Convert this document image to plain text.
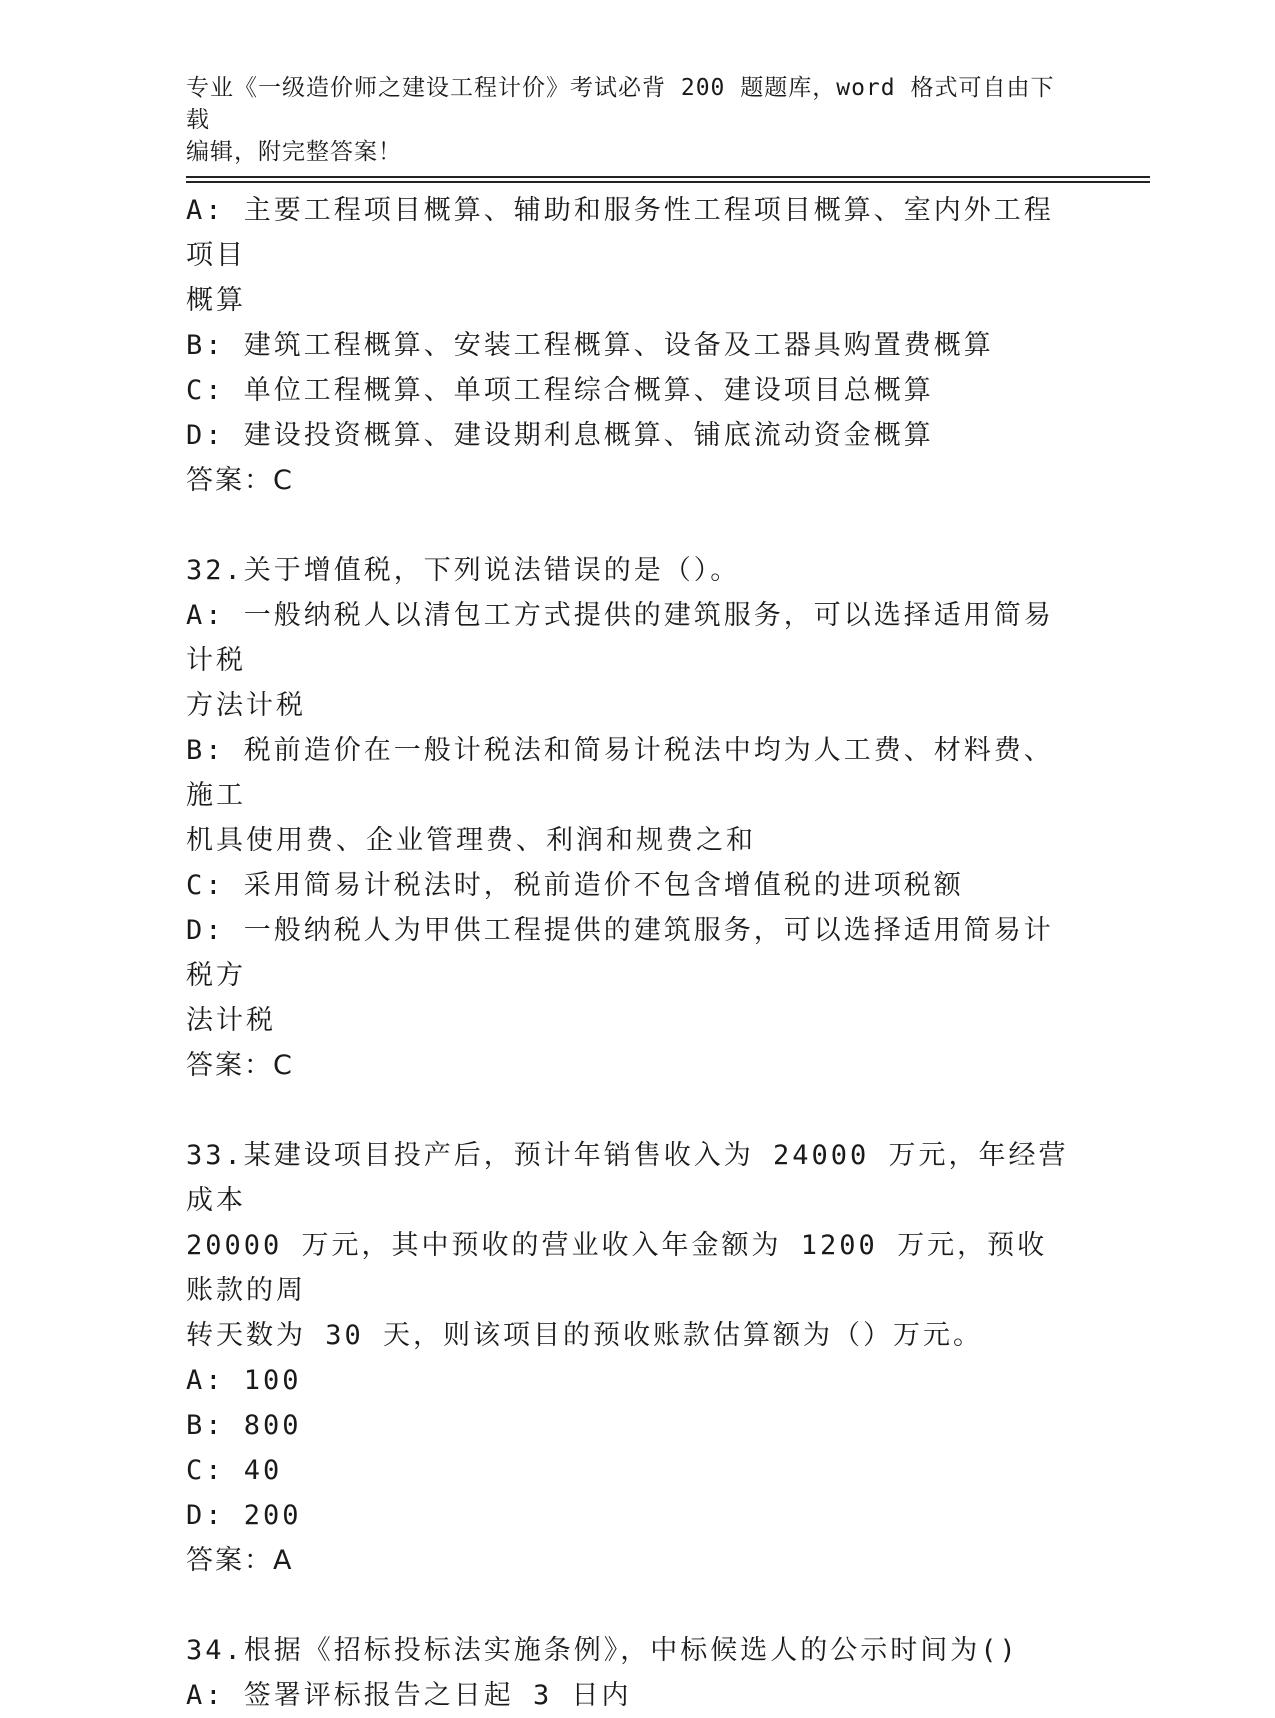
专业《一级造价师之建设工程计价》考试必背 200 题题库，word 格式可自由下载
编辑，附完整答案！
A: 主要工程项目概算、辅助和服务性工程项目概算、室内外工程项目
概算
B: 建筑工程概算、安装工程概算、设备及工器具购置费概算
C: 单位工程概算、单项工程综合概算、建设项目总概算
D: 建设投资概算、建设期利息概算、铺底流动资金概算
答案：C
32.关于增值税，下列说法错误的是（）。
A: 一般纳税人以清包工方式提供的建筑服务，可以选择适用简易计税
方法计税
B: 税前造价在一般计税法和简易计税法中均为人工费、材料费、施工
机具使用费、企业管理费、利润和规费之和
C: 采用简易计税法时，税前造价不包含增值税的进项税额
D: 一般纳税人为甲供工程提供的建筑服务，可以选择适用简易计税方
法计税
答案：C
33.某建设项目投产后，预计年销售收入为 24000 万元，年经营成本
20000 万元，其中预收的营业收入年金额为 1200 万元，预收账款的周
转天数为 30 天，则该项目的预收账款估算额为（）万元。
A: 100
B: 800
C: 40
D: 200
答案：A
34.根据《招标投标法实施条例》，中标候选人的公示时间为()
A: 签署评标报告之日起 3 日内
